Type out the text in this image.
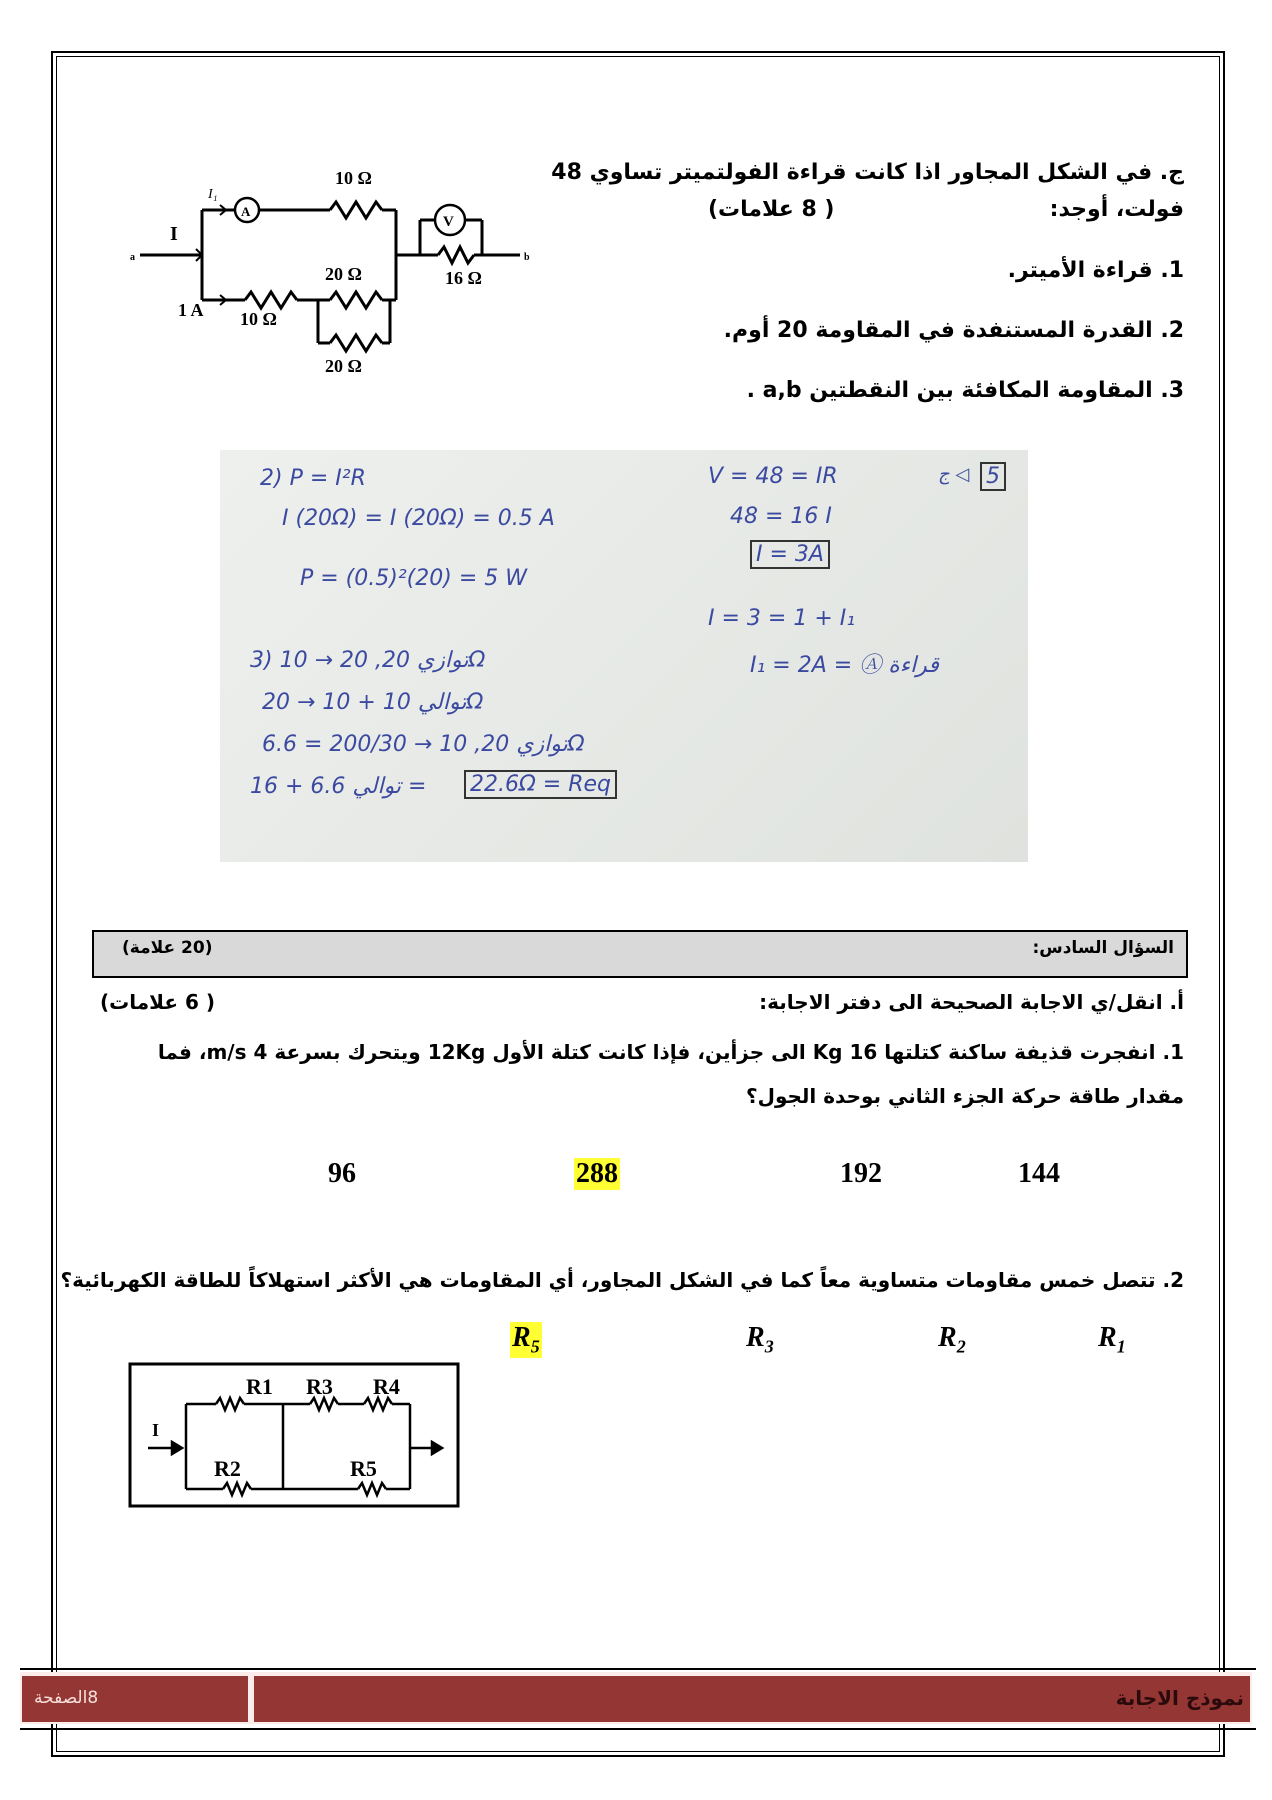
ج. في الشكل المجاور اذا كانت قراءة الفولتميتر تساوي 48
فولت، أوجد:
( 8 علامات)
1. قراءة الأميتر.
2. القدرة المستنفدة في المقاومة 20 أوم.
3. المقاومة المكافئة بين النقطتين a,b .
A
V
10 Ω
20 Ω
10 Ω
20 Ω
16 Ω
I
I₁
1 A
a	b
2) P = I²R
I (20Ω) = I (20Ω) = 0.5 A
P = (0.5)²(20) = 5 W
3) توازي 20, 20 → 10Ω
توالي 10 + 10 → 20Ω
توازي 20, 10 → 200/30 = 6.6Ω
توالي 6.6 + 16 = 22.6Ω = Req
V = 48 = IR
48 = 16 I
I = 3A
I = 3 = 1 + I₁
I₁ = 2A = Ⓐ قراءة
5
ج ◁
السؤال السادس:
(20 علامة)
أ. انقل/ي الاجابة الصحيحة الى دفتر الاجابة:
( 6 علامات)
1. انفجرت قذيفة ساكنة كتلتها 16 Kg الى جزأين، فإذا كانت كتلة الأول 12Kg ويتحرك بسرعة 4 m/s، فما
مقدار طاقة حركة الجزء الثاني بوحدة الجول؟
144
192
288
96
2. تتصل خمس مقاومات متساوية معاً كما في الشكل المجاور، أي المقاومات هي الأكثر استهلاكاً للطاقة الكهربائية؟
$R_1$
$R_2$
$R_3$
$R_5$
R1 R3 R4
R2	R5
I
8الصفحة	نموذج الاجابة
